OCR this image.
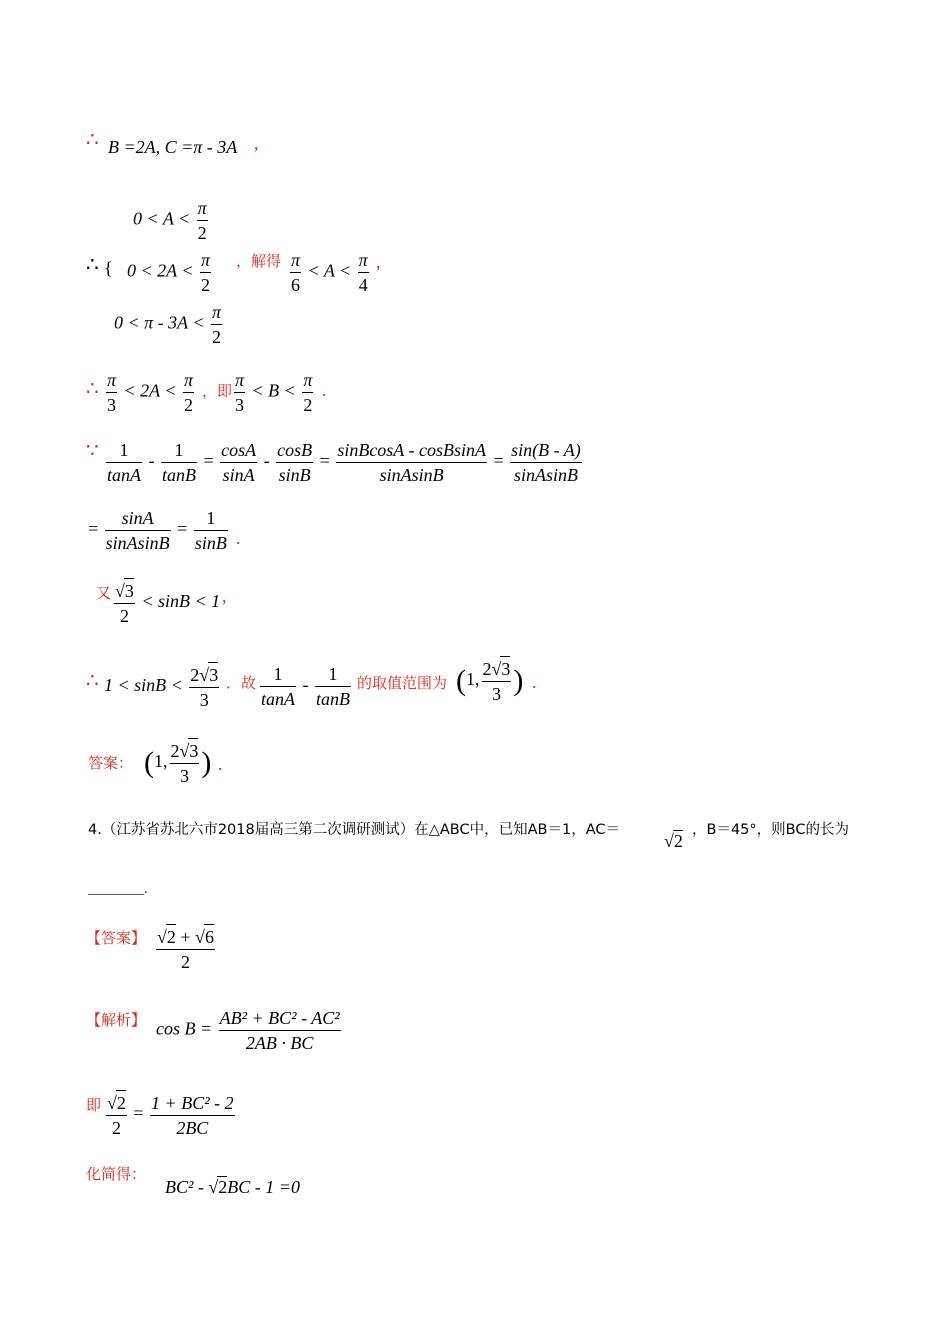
∴ B =2A, C =π - 3A ,
$0 < A < \frac{\pi}{2}$
∴ { $0 < 2A < \frac{\pi}{2}$ ，解得 $\frac{\pi}{6} < A < \frac{\pi}{4}$ ,
$0 < \pi - 3A < \frac{\pi}{2}$
∴ $\frac{\pi}{3} < 2A < \frac{\pi}{2}$ ，即 $\frac{\pi}{3} < B < \frac{\pi}{2}$ .
∵ $\frac{1}{\tan A} - \frac{1}{\tan B} = \frac{\cos A}{\sin A} - \frac{\cos B}{\sin B} = \frac{\text{sinBcosA - cosBsinA}}{\text{sinAsinB}} = \frac{\sin(B - A)}{\text{sinAsinB}}$
= $\frac{\sin A}{\text{sinAsinB}} = \frac{1}{\sin B}$ .
又 $\frac{√3}{2} < \sin B < 1$ ,
∴ $1 < \sin B < \frac{2√3}{3}$ ．故 $\frac{1}{\tan A} - \frac{1}{\tan B}$ 的取值范围为 (1, $\frac{2√3}{3}$ ) .
答案： (1, $\frac{2√3}{3}$ ) .
4.（江苏省苏北六市2018届高三第二次调研测试）在△ABC中，已知AB＝1，AC＝
√2
，B＝45°，则BC的长为
________.
【答案】 $\frac{√2 + √6}{2}$
【解析】 $\cos B = \frac{\text{AB² + BC² - AC²}}{2AB \cdot BC}$
即 $\frac{√2}{2} = \frac{\text{1 + BC² - 2}}{2BC}$
化简得：
BC² - √2BC - 1 =0
